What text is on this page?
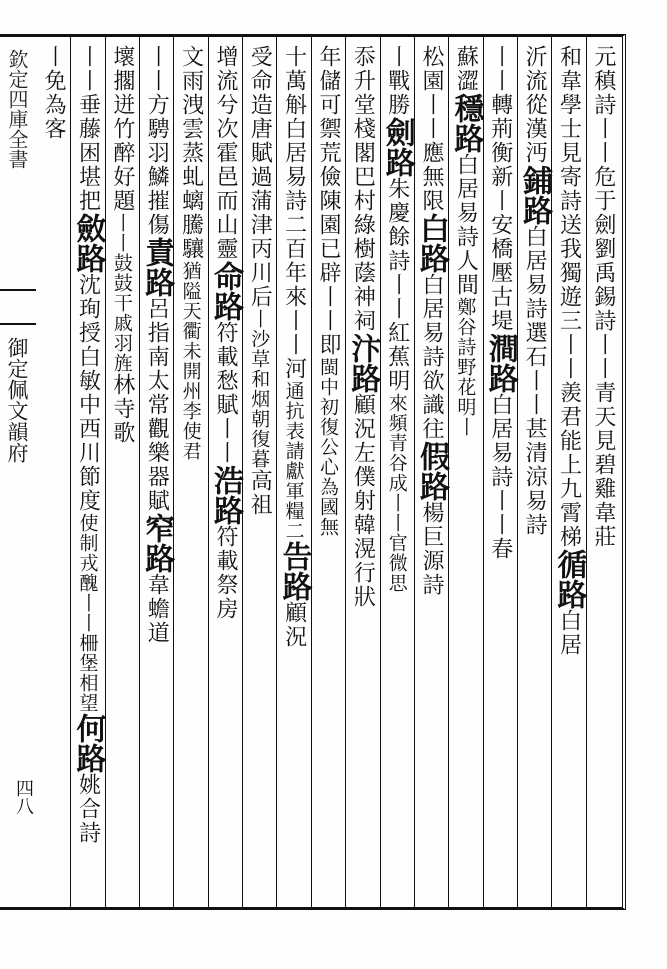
欽定四庫全書
御定佩文韻府
四八
元稹詩丨丨危于劍劉禹錫詩丨丨青天見碧雞韋莊
和韋學士見寄詩送我獨遊三丨丨羨君能上九霄梯循路白居
沂流從漢沔鋪路白居易詩選石丨丨甚清涼易詩
丨丨轉荊衡新丨安橋壓古堤澗路白居易詩丨丨春
蘇澀穩路白居易詩人間鄭谷詩野花明丨
松園丨丨應無限白路白居易詩欲識往假路楊巨源詩
丨戰勝劍路朱慶餘詩丨丨紅蕉明來頻青谷成丨丨官微思
忝升堂棧閣巴村綠樹蔭神祠汴路顧況左僕射韓滉行狀
年儲可禦荒儉陳園已辟丨丨即閩中初復公心為國無
十萬斛白居易詩二百年來丨丨河通抗表請獻軍糧二告路顧況
受命造唐賦過蒲津丙川后丨沙草和烟朝復暮高祖
增流兮次霍邑而山靈命路符載愁賦丨丨浩路符載祭房
文雨洩雲蒸虬螭騰驤猶隘天衢未開州李使君
丨丨方騁羽鱗摧傷責路呂指南太常觀樂器賦窄路韋蟾道
壞擱迸竹醉好題丨丨鼓鼓干戚羽旌林寺歌
丨丨垂藤困堪把斂路沈珣授白敏中西川節度使制戎醜丨丨柵堡相望何路姚合詩
丨免為客
